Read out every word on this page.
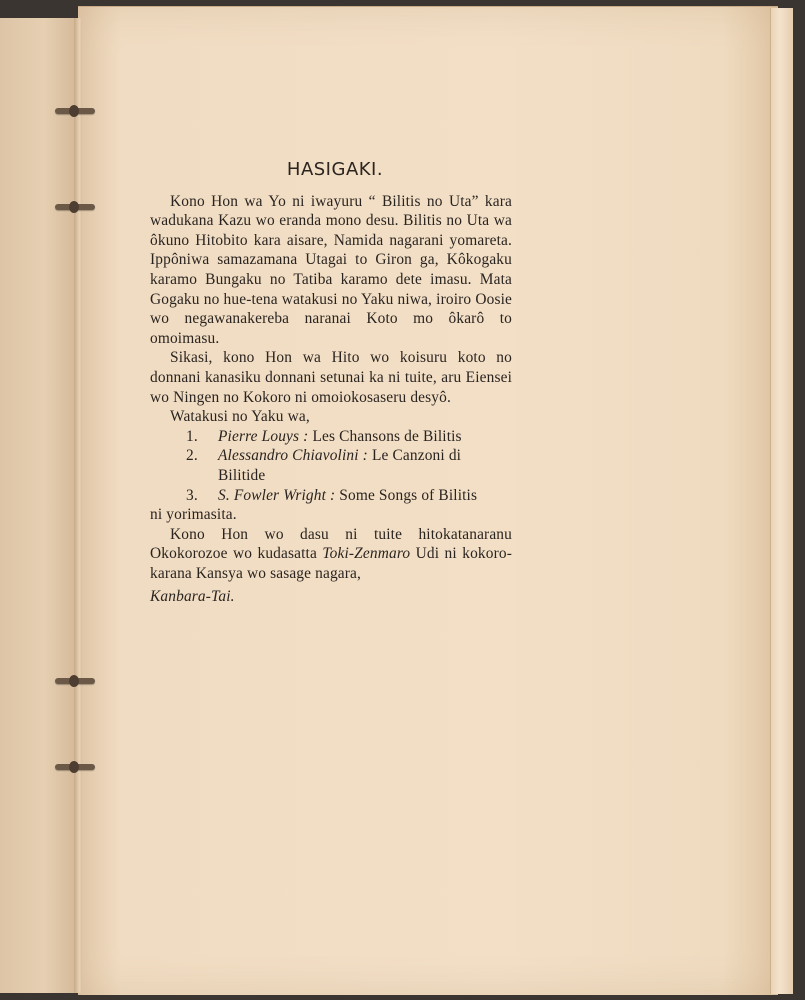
HASIGAKI.

Kono Hon wa Yo ni iwayuru “ Bilitis no Uta” kara wadukana Kazu wo eranda mono desu. Bilitis no Uta wa ôkuno Hitobito kara aisare, Namida nagarani yomareta. Ippôniwa samazamana Utagai to Giron ga, Kôkogaku karamo Bungaku no Tatiba karamo dete imasu. Mata Gogaku no hue-tena watakusi no Yaku niwa, iroiro Oosie wo negawanakereba naranai Koto mo ôkarô to omoimasu.

Sikasi, kono Hon wa Hito wo koisuru koto no donnani kanasiku donnani setunai ka ni tuite, aru Eiensei wo Ningen no Kokoro ni omoiokosaseru desyô.

Watakusi no Yaku wa,

1. Pierre Louys : Les Chansons de Bilitis

2. Alessandro Chiavolini : Le Canzoni di Bilitide

3. S. Fowler Wright : Some Songs of Bilitis

ni yorimasita.

Kono Hon wo dasu ni tuite hitokatanaranu Okokorozoe wo kudasatta Toki-Zenmaro Udi ni kokoro-karana Kansya wo sasage nagara,

Kanbara-Tai.
